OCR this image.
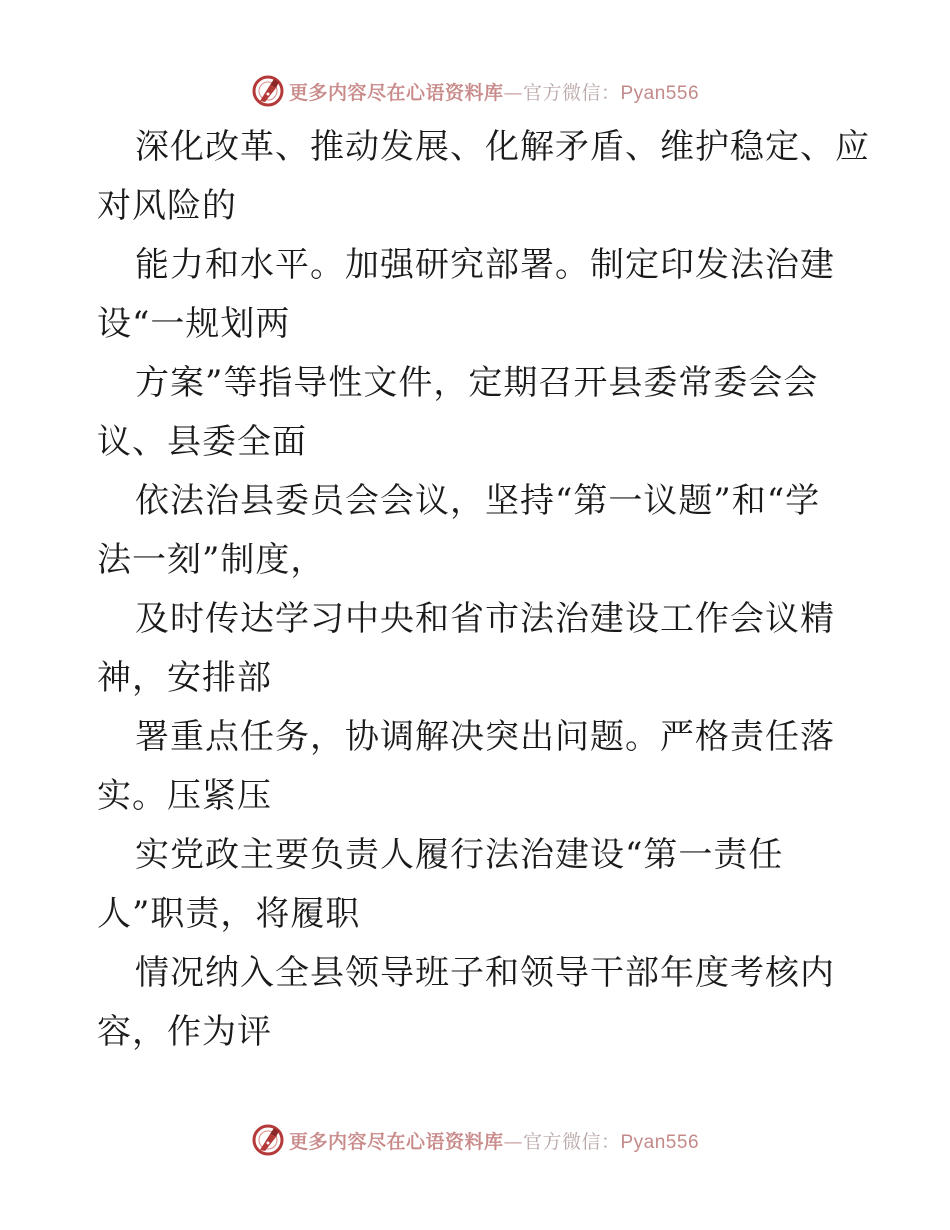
更多内容尽在心语资料库—官方微信：Pyan556
深化改革、推动发展、化解矛盾、维护稳定、应
对风险的
能力和水平。加强研究部署。制定印发法治建
设“一规划两
方案”等指导性文件，定期召开县委常委会会
议、县委全面
依法治县委员会会议，坚持“第一议题”和“学
法一刻”制度，
及时传达学习中央和省市法治建设工作会议精
神，安排部
署重点任务，协调解决突出问题。严格责任落
实。压紧压
实党政主要负责人履行法治建设“第一责任
人”职责，将履职
情况纳入全县领导班子和领导干部年度考核内
容，作为评
更多内容尽在心语资料库—官方微信：Pyan556
